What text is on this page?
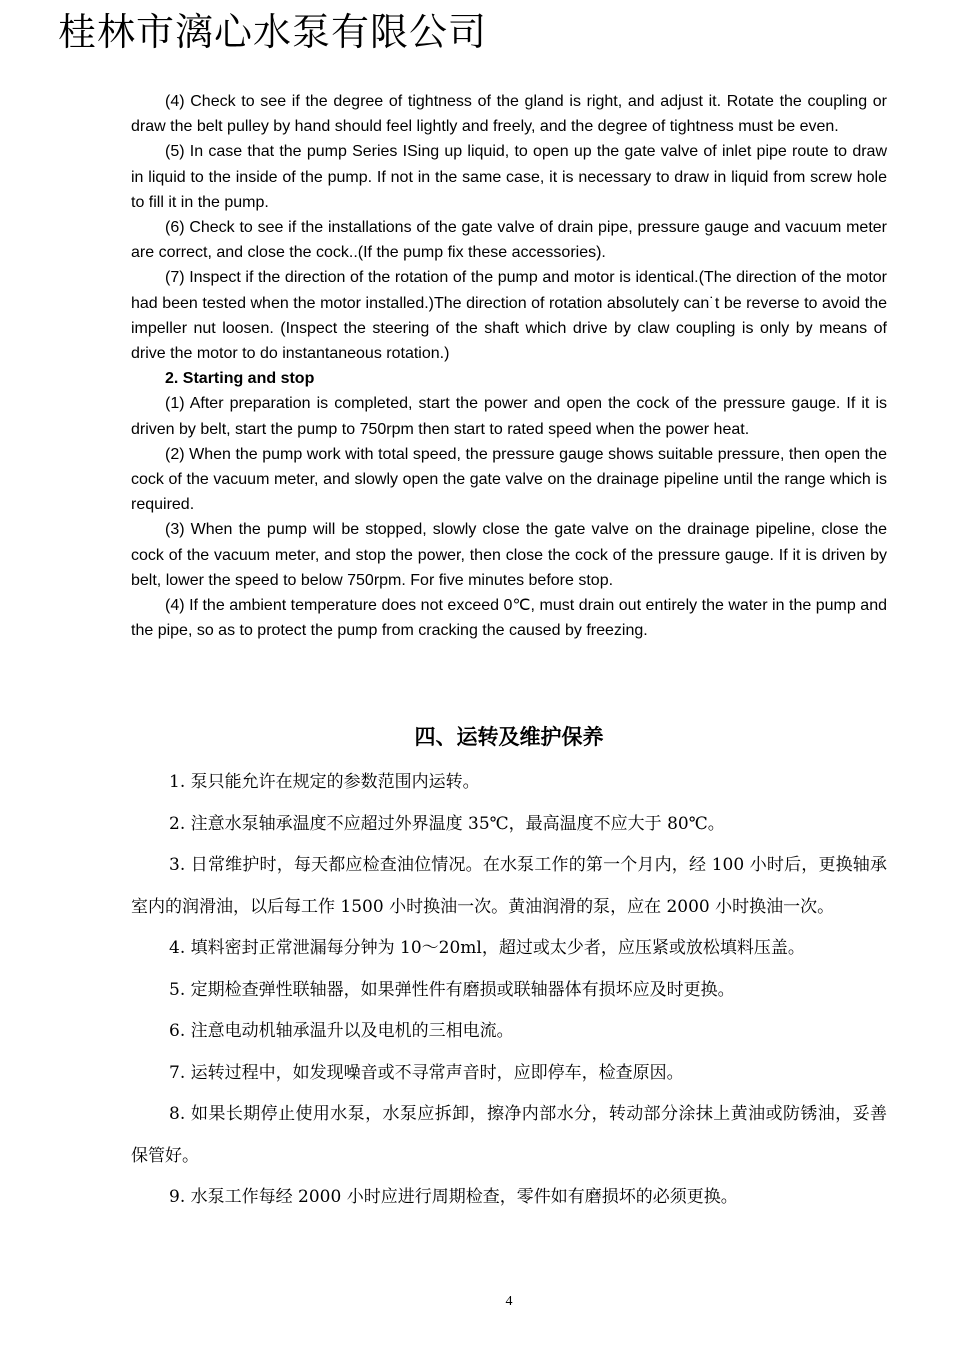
桂林市漓心水泵有限公司

(4) Check to see if the degree of tightness of the gland is right, and adjust it. Rotate the coupling or draw the belt pulley by hand should feel lightly and freely, and the degree of tightness must be even.

(5) In case that the pump Series ISing up liquid, to open up the gate valve of inlet pipe route to draw in liquid to the inside of the pump. If not in the same case, it is necessary to draw in liquid from screw hole to fill it in the pump.

(6) Check to see if the installations of the gate valve of drain pipe, pressure gauge and vacuum meter are correct, and close the cock..(If the pump fix these accessories).

(7) Inspect if the direction of the rotation of the pump and motor is identical.(The direction of the motor had been tested when the motor installed.)The direction of rotation absolutely can˙t be reverse to avoid the impeller nut loosen. (Inspect the steering of the shaft which drive by claw coupling is only by means of drive the motor to do instantaneous rotation.)

2. Starting and stop

(1) After preparation is completed, start the power and open the cock of the pressure gauge. If it is driven by belt, start the pump to 750rpm then start to rated speed when the power heat.

(2) When the pump work with total speed, the pressure gauge shows suitable pressure, then open the cock of the vacuum meter, and slowly open the gate valve on the drainage pipeline until the range which is required.

(3) When the pump will be stopped, slowly close the gate valve on the drainage pipeline, close the cock of the vacuum meter, and stop the power, then close the cock of the pressure gauge. If it is driven by belt, lower the speed to below 750rpm. For five minutes before stop.

(4) If the ambient temperature does not exceed 0℃, must drain out entirely the water in the pump and the pipe, so as to protect the pump from cracking the caused by freezing.

四、运转及维护保养

1. 泵只能允许在规定的参数范围内运转。

2. 注意水泵轴承温度不应超过外界温度 35℃，最高温度不应大于 80℃。

3. 日常维护时，每天都应检查油位情况。在水泵工作的第一个月内，经 100 小时后，更换轴承室内的润滑油，以后每工作 1500 小时换油一次。黄油润滑的泵，应在 2000 小时换油一次。

4. 填料密封正常泄漏每分钟为 10～20ml，超过或太少者，应压紧或放松填料压盖。

5. 定期检查弹性联轴器，如果弹性件有磨损或联轴器体有损坏应及时更换。

6. 注意电动机轴承温升以及电机的三相电流。

7. 运转过程中，如发现噪音或不寻常声音时，应即停车，检查原因。

8. 如果长期停止使用水泵，水泵应拆卸，擦净内部水分，转动部分涂抹上黄油或防锈油，妥善保管好。

9. 水泵工作每经 2000 小时应进行周期检查，零件如有磨损坏的必须更换。

4
